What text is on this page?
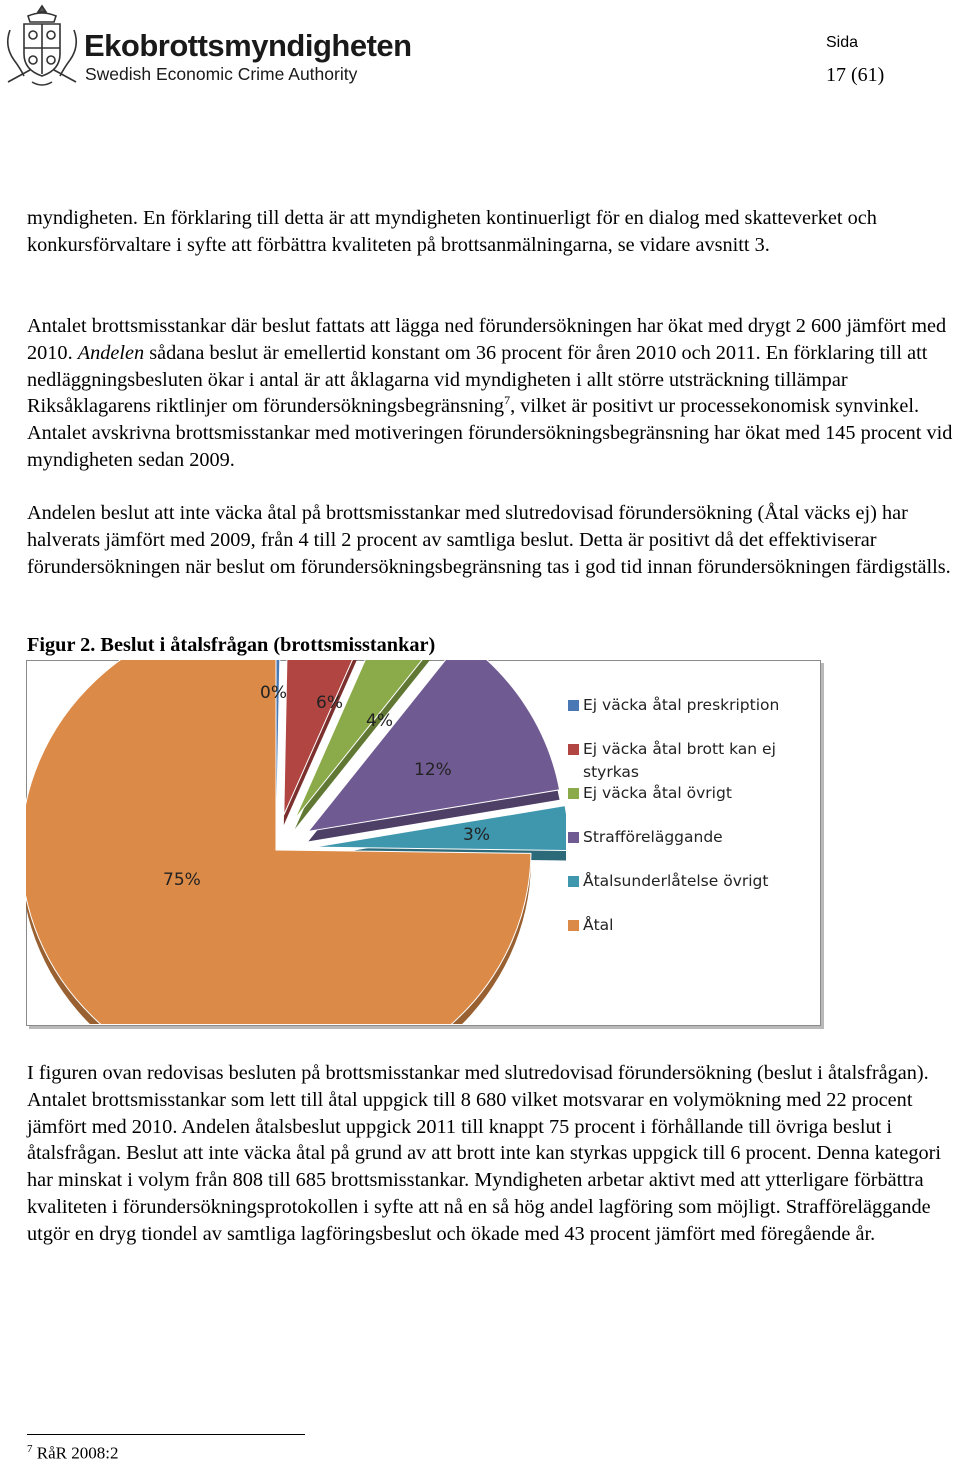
Ekobrottsmyndigheten
Swedish Economic Crime Authority
Sida
17 (61)

myndigheten. En förklaring till detta är att myndigheten kontinuerligt för en dialog med skatteverket och konkursförvaltare i syfte att förbättra kvaliteten på brottsanmälningarna, se vidare avsnitt 3.

Antalet brottsmisstankar där beslut fattats att lägga ned förundersökningen har ökat med drygt 2 600 jämfört med 2010. Andelen sådana beslut är emellertid konstant om 36 procent för åren 2010 och 2011. En förklaring till att nedläggningsbesluten ökar i antal är att åklagarna vid myndigheten i allt större utsträckning tillämpar Riksåklagarens riktlinjer om förundersökningsbegränsning$^7$, vilket är positivt ur processekonomisk synvinkel. Antalet avskrivna brottsmisstankar med motiveringen förundersökningsbegränsning har ökat med 145 procent vid myndigheten sedan 2009.

Andelen beslut att inte väcka åtal på brottsmisstankar med slutredovisad förundersökning (Åtal väcks ej) har halverats jämfört med 2009, från 4 till 2 procent av samtliga beslut. Detta är positivt då det effektiviserar förundersökningen när beslut om förundersökningsbegränsning tas i god tid innan förundersökningen färdigställs.

Figur 2. Beslut i åtalsfrågan (brottsmisstankar)

0% 6%
4%
12%
3%
75%
Ej väcka åtal preskription
Ej väcka åtal brott kan ej styrkas
Ej väcka åtal övrigt
Strafföreläggande
Åtalsunderlåtelse övrigt
Åtal

I figuren ovan redovisas besluten på brottsmisstankar med slutredovisad förundersökning (beslut i åtalsfrågan). Antalet brottsmisstankar som lett till åtal uppgick till 8 680 vilket motsvarar en volymökning med 22 procent jämfört med 2010. Andelen åtalsbeslut uppgick 2011 till knappt 75 procent i förhållande till övriga beslut i åtalsfrågan. Beslut att inte väcka åtal på grund av att brott inte kan styrkas uppgick till 6 procent. Denna kategori har minskat i volym från 808 till 685 brottsmisstankar. Myndigheten arbetar aktivt med att ytterligare förbättra kvaliteten i förundersökningsprotokollen i syfte att nå en så hög andel lagföring som möjligt. Strafföreläggande utgör en dryg tiondel av samtliga lagföringsbeslut och ökade med 43 procent jämfört med föregående år.

$^7$ RåR 2008:2
